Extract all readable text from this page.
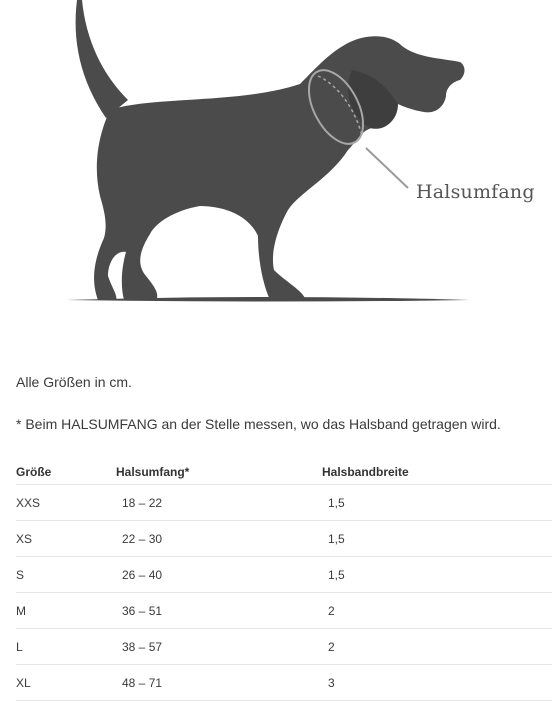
Halsumfang
Alle Größen in cm.
* Beim HALSUMFANG an der Stelle messen, wo das Halsband getragen wird.
Größe	Halsumfang*	Halsbandbreite
XXS	18 – 22	1,5
XS	22 – 30	1,5
S	26 – 40	1,5
M	36 – 51	2
L	38 – 57	2
XL	48 – 71	3
